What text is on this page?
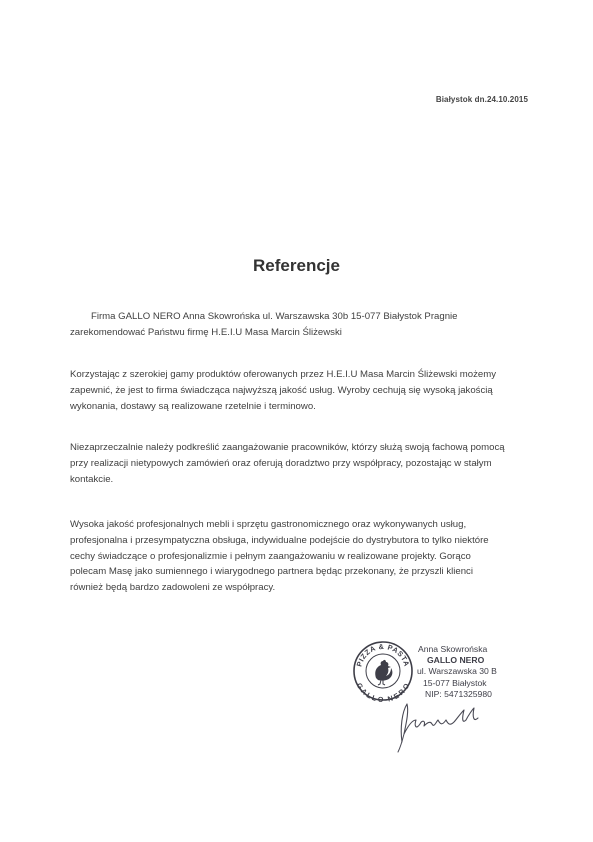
Białystok dn.24.10.2015
Referencje
Firma GALLO NERO Anna Skowrońska ul. Warszawska 30b 15-077 Białystok Pragnie
zarekomendować Państwu firmę H.E.I.U Masa Marcin Śliżewski
Korzystając z szerokiej gamy produktów oferowanych przez H.E.I.U Masa Marcin Śliżewski możemy
zapewnić, że jest to firma świadcząca najwyższą jakość usług. Wyroby cechują się wysoką jakością
wykonania, dostawy są realizowane rzetelnie i terminowo.
Niezaprzeczalnie należy podkreślić zaangażowanie pracowników, którzy służą swoją fachową pomocą
przy realizacji nietypowych zamówień oraz oferują doradztwo przy współpracy, pozostając w stałym
kontakcie.
Wysoka jakość profesjonalnych mebli i sprzętu gastronomicznego oraz wykonywanych usług,
profesjonalna i przesympatyczna obsługa, indywidualne podejście do dystrybutora to tylko niektóre
cechy świadczące o profesjonalizmie i pełnym zaangażowaniu w realizowane projekty. Gorąco
polecam Masę jako sumiennego i wiarygodnego partnera będąc przekonany, że przyszli klienci
również będą bardzo zadowoleni ze współpracy.
PIZZA & PASTA
GALLO NERO
Anna Skowrońska
GALLO NERO
ul. Warszawska 30 B
15-077 Białystok
NIP: 5471325980
